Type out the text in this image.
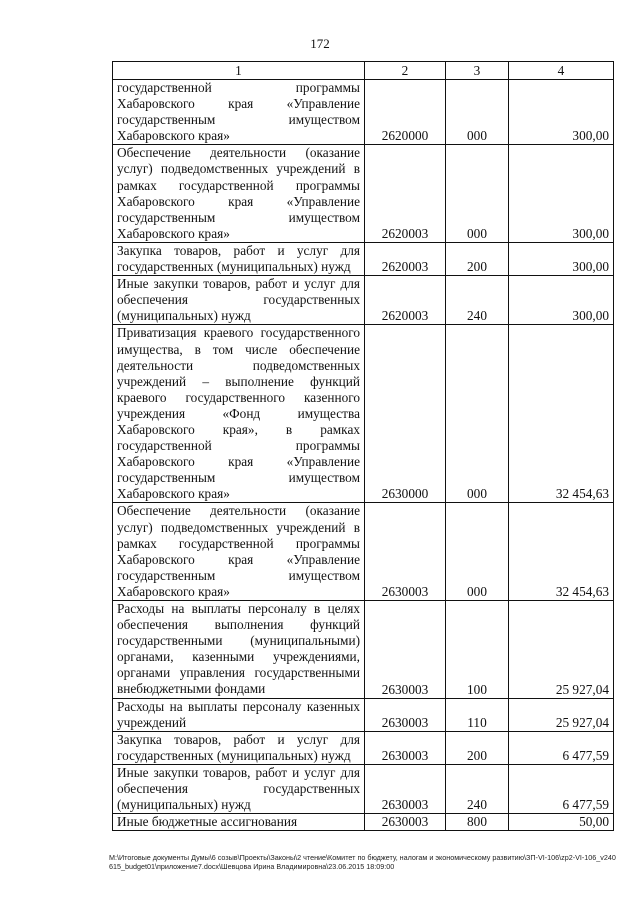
172
1	2	3	4
государственной программы Хабаровского края «Управление государственным имуществом Хабаровского края»	2620000	000	300,00
Обеспечение деятельности (оказание услуг) подведомственных учреждений в рамках государственной программы Хабаровского края «Управление государственным имуществом Хабаровского края»	2620003	000	300,00
Закупка товаров, работ и услуг для государственных (муниципальных) нужд	2620003	200	300,00
Иные закупки товаров, работ и услуг для обеспечения государственных (муниципальных) нужд	2620003	240	300,00
Приватизация краевого государственного имущества, в том числе обеспечение деятельности подведомственных учреждений – выполнение функций краевого государственного казенного учреждения «Фонд имущества Хабаровского края», в рамках государственной программы Хабаровского края «Управление государственным имуществом Хабаровского края»	2630000	000	32 454,63
Обеспечение деятельности (оказание услуг) подведомственных учреждений в рамках государственной программы Хабаровского края «Управление государственным имуществом Хабаровского края»	2630003	000	32 454,63
Расходы на выплаты персоналу в целях обеспечения выполнения функций государственными (муниципальными) органами, казенными учреждениями, органами управления государственными внебюджетными фондами	2630003	100	25 927,04
Расходы на выплаты персоналу казенных учреждений	2630003	110	25 927,04
Закупка товаров, работ и услуг для государственных (муниципальных) нужд	2630003	200	6 477,59
Иные закупки товаров, работ и услуг для обеспечения государственных (муниципальных) нужд	2630003	240	6 477,59
Иные бюджетные ассигнования	2630003	800	50,00
М:\Итоговые документы Думы\6 созыв\Проекты\Законы\2 чтение\Комитет по бюджету, налогам и экономическому развитию\ЗП-VI-106\zp2-VI-106_v240615_budget01\приложение7.docx\Шевцова Ирина Владимировна\23.06.2015 18:09:00
